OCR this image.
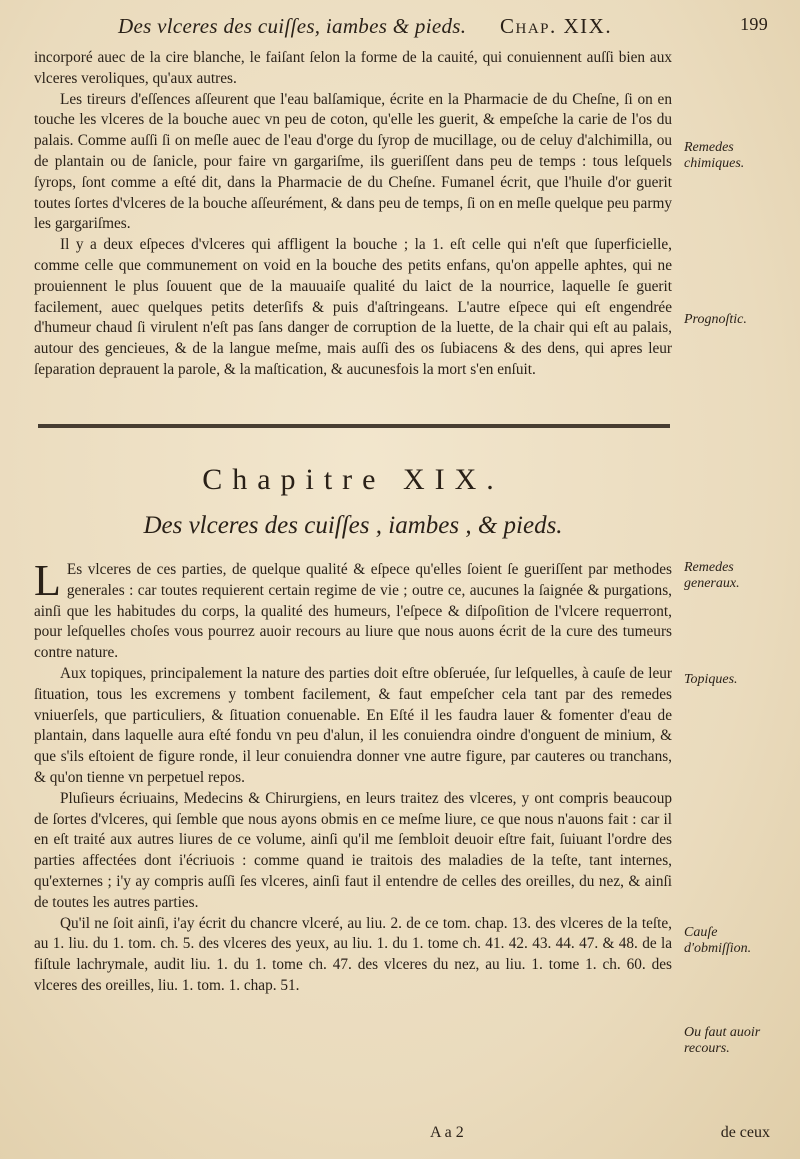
Des vlceres des cuiſſes, iambes & pieds. Chap. XIX.	199

incorporé auec de la cire blanche, le faiſant ſelon la forme de la cauité, qui conuiennent auſſi bien aux vlceres veroliques, qu'aux autres.

Les tireurs d'eſſences aſſeurent que l'eau balſamique, écrite en la Pharmacie de du Cheſne, ſi on en touche les vlceres de la bouche auec vn peu de coton, qu'elle les guerit, & empeſche la carie de l'os du palais. Comme auſſi ſi on meſle auec de l'eau d'orge du ſyrop de mucillage, ou de celuy d'alchimilla, ou de plantain ou de ſanicle, pour faire vn gargariſme, ils gueriſſent dans peu de temps : tous leſquels ſyrops, ſont comme a eſté dit, dans la Pharmacie de du Cheſne. Fumanel écrit, que l'huile d'or guerit toutes ſortes d'vlceres de la bouche aſſeurément, & dans peu de temps, ſi on en meſle quelque peu parmy les gargariſmes.

Il y a deux eſpeces d'vlceres qui affligent la bouche ; la 1. eſt celle qui n'eſt que ſuperficielle, comme celle que communement on void en la bouche des petits enfans, qu'on appelle aphtes, qui ne prouiennent le plus ſouuent que de la mauuaiſe qualité du laict de la nourrice, laquelle ſe guerit facilement, auec quelques petits deterſifs & puis d'aſtringeans. L'autre eſpece qui eſt engendrée d'humeur chaud ſi virulent n'eſt pas ſans danger de corruption de la luette, de la chair qui eſt au palais, autour des gencieues, & de la langue meſme, mais auſſi des os ſubiacens & des dens, qui apres leur ſeparation deprauent la parole, & la maſtication, & aucunesfois la mort s'en enſuit.

Remedes chimiques.
Prognoſtic.
Chapitre XIX.
Des vlceres des cuiſſes , iambes , & pieds.

L Es vlceres de ces parties, de quelque qualité & eſpece qu'elles ſoient ſe gueriſſent par methodes generales : car toutes requierent certain regime de vie ; outre ce, aucunes la ſaignée & purgations, ainſi que les habitudes du corps, la qualité des humeurs, l'eſpece & diſpoſition de l'vlcere requerront, pour leſquelles choſes vous pourrez auoir recours au liure que nous auons écrit de la cure des tumeurs contre nature.

Aux topiques, principalement la nature des parties doit eſtre obſeruée, ſur leſquelles, à cauſe de leur ſituation, tous les excremens y tombent facilement, & faut empeſcher cela tant par des remedes vniuerſels, que particuliers, & ſituation conuenable. En Eſté il les faudra lauer & fomenter d'eau de plantain, dans laquelle aura eſté fondu vn peu d'alun, il les conuiendra oindre d'onguent de minium, & que s'ils eſtoient de figure ronde, il leur conuiendra donner vne autre figure, par cauteres ou tranchans, & qu'on tienne vn perpetuel repos.

Pluſieurs écriuains, Medecins & Chirurgiens, en leurs traitez des vlceres, y ont compris beaucoup de ſortes d'vlceres, qui ſemble que nous ayons obmis en ce meſme liure, ce que nous n'auons fait : car il en eſt traité aux autres liures de ce volume, ainſi qu'il me ſembloit deuoir eſtre fait, ſuiuant l'ordre des parties affectées dont i'écriuois : comme quand ie traitois des maladies de la teſte, tant internes, qu'externes ; i'y ay compris auſſi ſes vlceres, ainſi faut il entendre de celles des oreilles, du nez, & ainſi de toutes les autres parties.

Qu'il ne ſoit ainſi, i'ay écrit du chancre vlceré, au liu. 2. de ce tom. chap. 13. des vlceres de la teſte, au 1. liu. du 1. tom. ch. 5. des vlceres des yeux, au liu. 1. du 1. tome ch. 41. 42. 43. 44. 47. & 48. de la fiſtule lachrymale, audit liu. 1. du 1. tome ch. 47. des vlceres du nez, au liu. 1. tome 1. ch. 60. des vlceres des oreilles, liu. 1. tom. 1. chap. 51.

Remedes generaux.
Topiques.
Cauſe d'obmiſſion.
Ou faut auoir recours.
A a 2	de ceux
